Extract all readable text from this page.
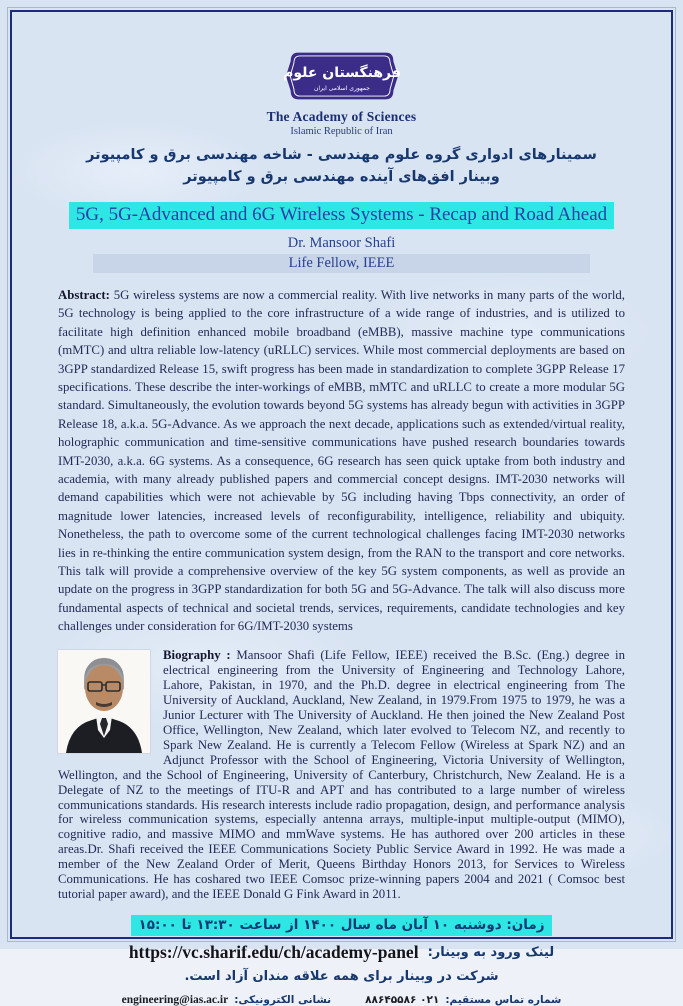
فرهنگستان علوم
جمهوری اسلامی ایران
The Academy of Sciences
Islamic Republic of Iran
سمینارهای ادواری گروه علوم مهندسی - شاخه مهندسی برق و کامپیوتر
وبینار افق‌های آینده مهندسی برق و کامپیوتر
5G, 5G-Advanced and 6G Wireless Systems - Recap and Road Ahead
Dr. Mansoor Shafi
Life Fellow, IEEE

Abstract: 5G wireless systems are now a commercial reality. With live networks in many parts of the world, 5G technology is being applied to the core infrastructure of a wide range of industries, and is utilized to facilitate high definition enhanced mobile broadband (eMBB), massive machine type communications (mMTC) and ultra reliable low-latency (uRLLC) services. While most commercial deployments are based on 3GPP standardized Release 15, swift progress has been made in standardization to complete 3GPP Release 17 specifications. These describe the inter-workings of eMBB, mMTC and uRLLC to create a more modular 5G standard. Simultaneously, the evolution towards beyond 5G systems has already begun with activities in 3GPP Release 18, a.k.a. 5G-Advance. As we approach the next decade, applications such as extended/virtual reality, holographic communication and time-sensitive communications have pushed research boundaries towards IMT-2030, a.k.a. 6G systems. As a consequence, 6G research has seen quick uptake from both industry and academia, with many already published papers and commercial concept designs. IMT-2030 networks will demand capabilities which were not achievable by 5G including having Tbps connectivity, an order of magnitude lower latencies, increased levels of reconfigurability, intelligence, reliability and ubiquity. Nonetheless, the path to overcome some of the current technological challenges facing IMT-2030 networks lies in re-thinking the entire communication system design, from the RAN to the transport and core networks. This talk will provide a comprehensive overview of the key 5G system components, as well as provide an update on the progress in 3GPP standardization for both 5G and 5G-Advance. The talk will also discuss more fundamental aspects of technical and societal trends, services, requirements, candidate technologies and key challenges under consideration for 6G/IMT-2030 systems

Biography : Mansoor Shafi (Life Fellow, IEEE) received the B.Sc. (Eng.) degree in electrical engineering from the University of Engineering and Technology Lahore, Lahore, Pakistan, in 1970, and the Ph.D. degree in electrical engineering from The University of Auckland, Auckland, New Zealand, in 1979.From 1975 to 1979, he was a Junior Lecturer with The University of Auckland. He then joined the New Zealand Post Office, Wellington, New Zealand, which later evolved to Telecom NZ, and recently to Spark New Zealand. He is currently a Telecom Fellow (Wireless at Spark NZ) and an Adjunct Professor with the School of Engineering, Victoria University of Wellington, Wellington, and the School of Engineering, University of Canterbury, Christchurch, New Zealand. He is a Delegate of NZ to the meetings of ITU-R and APT and has contributed to a large number of wireless communications standards. His research interests include radio propagation, design, and performance analysis for wireless communication systems, especially antenna arrays, multiple-input multiple-output (MIMO), cognitive radio, and massive MIMO and mmWave systems. He has authored over 200 articles in these areas.Dr. Shafi received the IEEE Communications Society Public Service Award in 1992. He was made a member of the New Zealand Order of Merit, Queens Birthday Honors 2013, for Services to Wireless Communications. He has coshared two IEEE Comsoc prize-winning papers 2004 and 2021 ( Comsoc best tutorial paper award), and the IEEE Donald G Fink Award in 2011.
زمان: دوشنبه ۱۰ آبان ماه سال ۱۴۰۰ از ساعت ۱۳:۳۰ تا ۱۵:۰۰
لینک ورود به وبینار:
https://vc.sharif.edu/ch/academy-panel
شرکت در وبینار برای همه علاقه مندان آزاد است.
شماره تماس مستقیم:
۰۲۱ ۸۸۶۴۵۵۸۶
نشانی الکترونیکی:
engineering@ias.ac.ir
